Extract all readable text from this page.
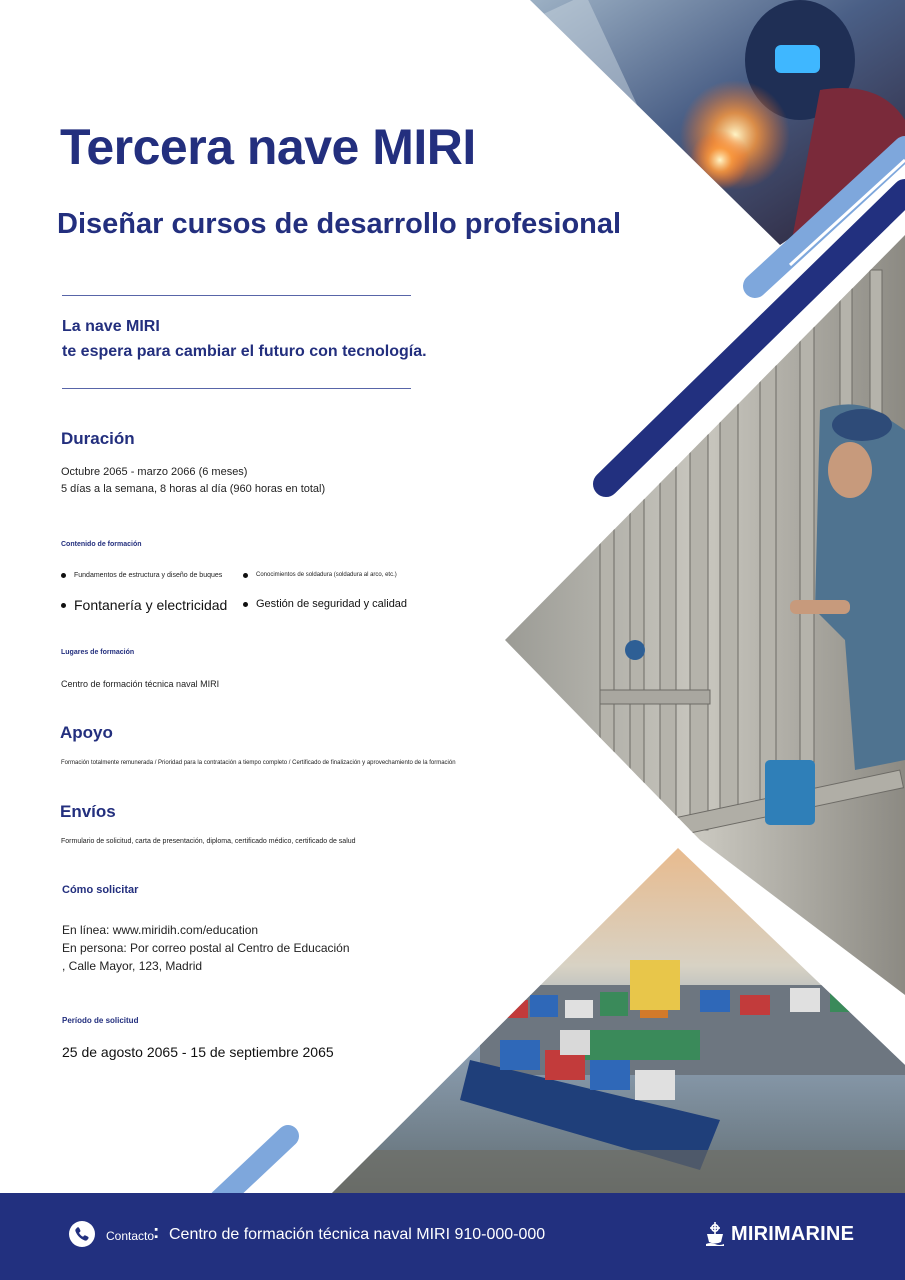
Tercera nave MIRI
Diseñar cursos de desarrollo profesional
La nave MIRI
te espera para cambiar el futuro con tecnología.
Duración
Octubre 2065 - marzo 2066 (6 meses)
5 días a la semana, 8 horas al día (960 horas en total)
Contenido de formación
Fundamentos de estructura y diseño de buques	Conocimientos de soldadura (soldadura al arco, etc.)
Fontanería y electricidad	Gestión de seguridad y calidad
Lugares de formación
Centro de formación técnica naval MIRI
Apoyo
Formación totalmente remunerada / Prioridad para la contratación a tiempo completo / Certificado de finalización y aprovechamiento de la formación
Envíos
Formulario de solicitud, carta de presentación, diploma, certificado médico, certificado de salud
Cómo solicitar
En línea: www.miridih.com/education
En persona: Por correo postal al Centro de Educación
, Calle Mayor, 123, Madrid
Período de solicitud
25 de agosto 2065 - 15 de septiembre 2065
Contacto
: Centro de formación técnica naval MIRI 910-000-000	MIRIMARINE
